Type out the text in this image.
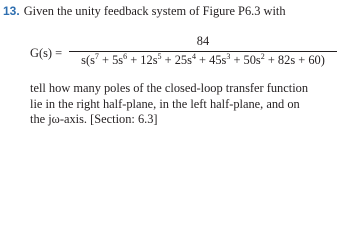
13. Given the unity feedback system of Figure P6.3 with
G(s) =
84
$s(s^7 + 5s^6 + 12s^5 + 25s^4 + 45s^3 + 50s^2 + 82s + 60)$
tell how many poles of the closed-loop transfer function
lie in the right half-plane, in the left half-plane, and on
the jω-axis. [Section: 6.3]
